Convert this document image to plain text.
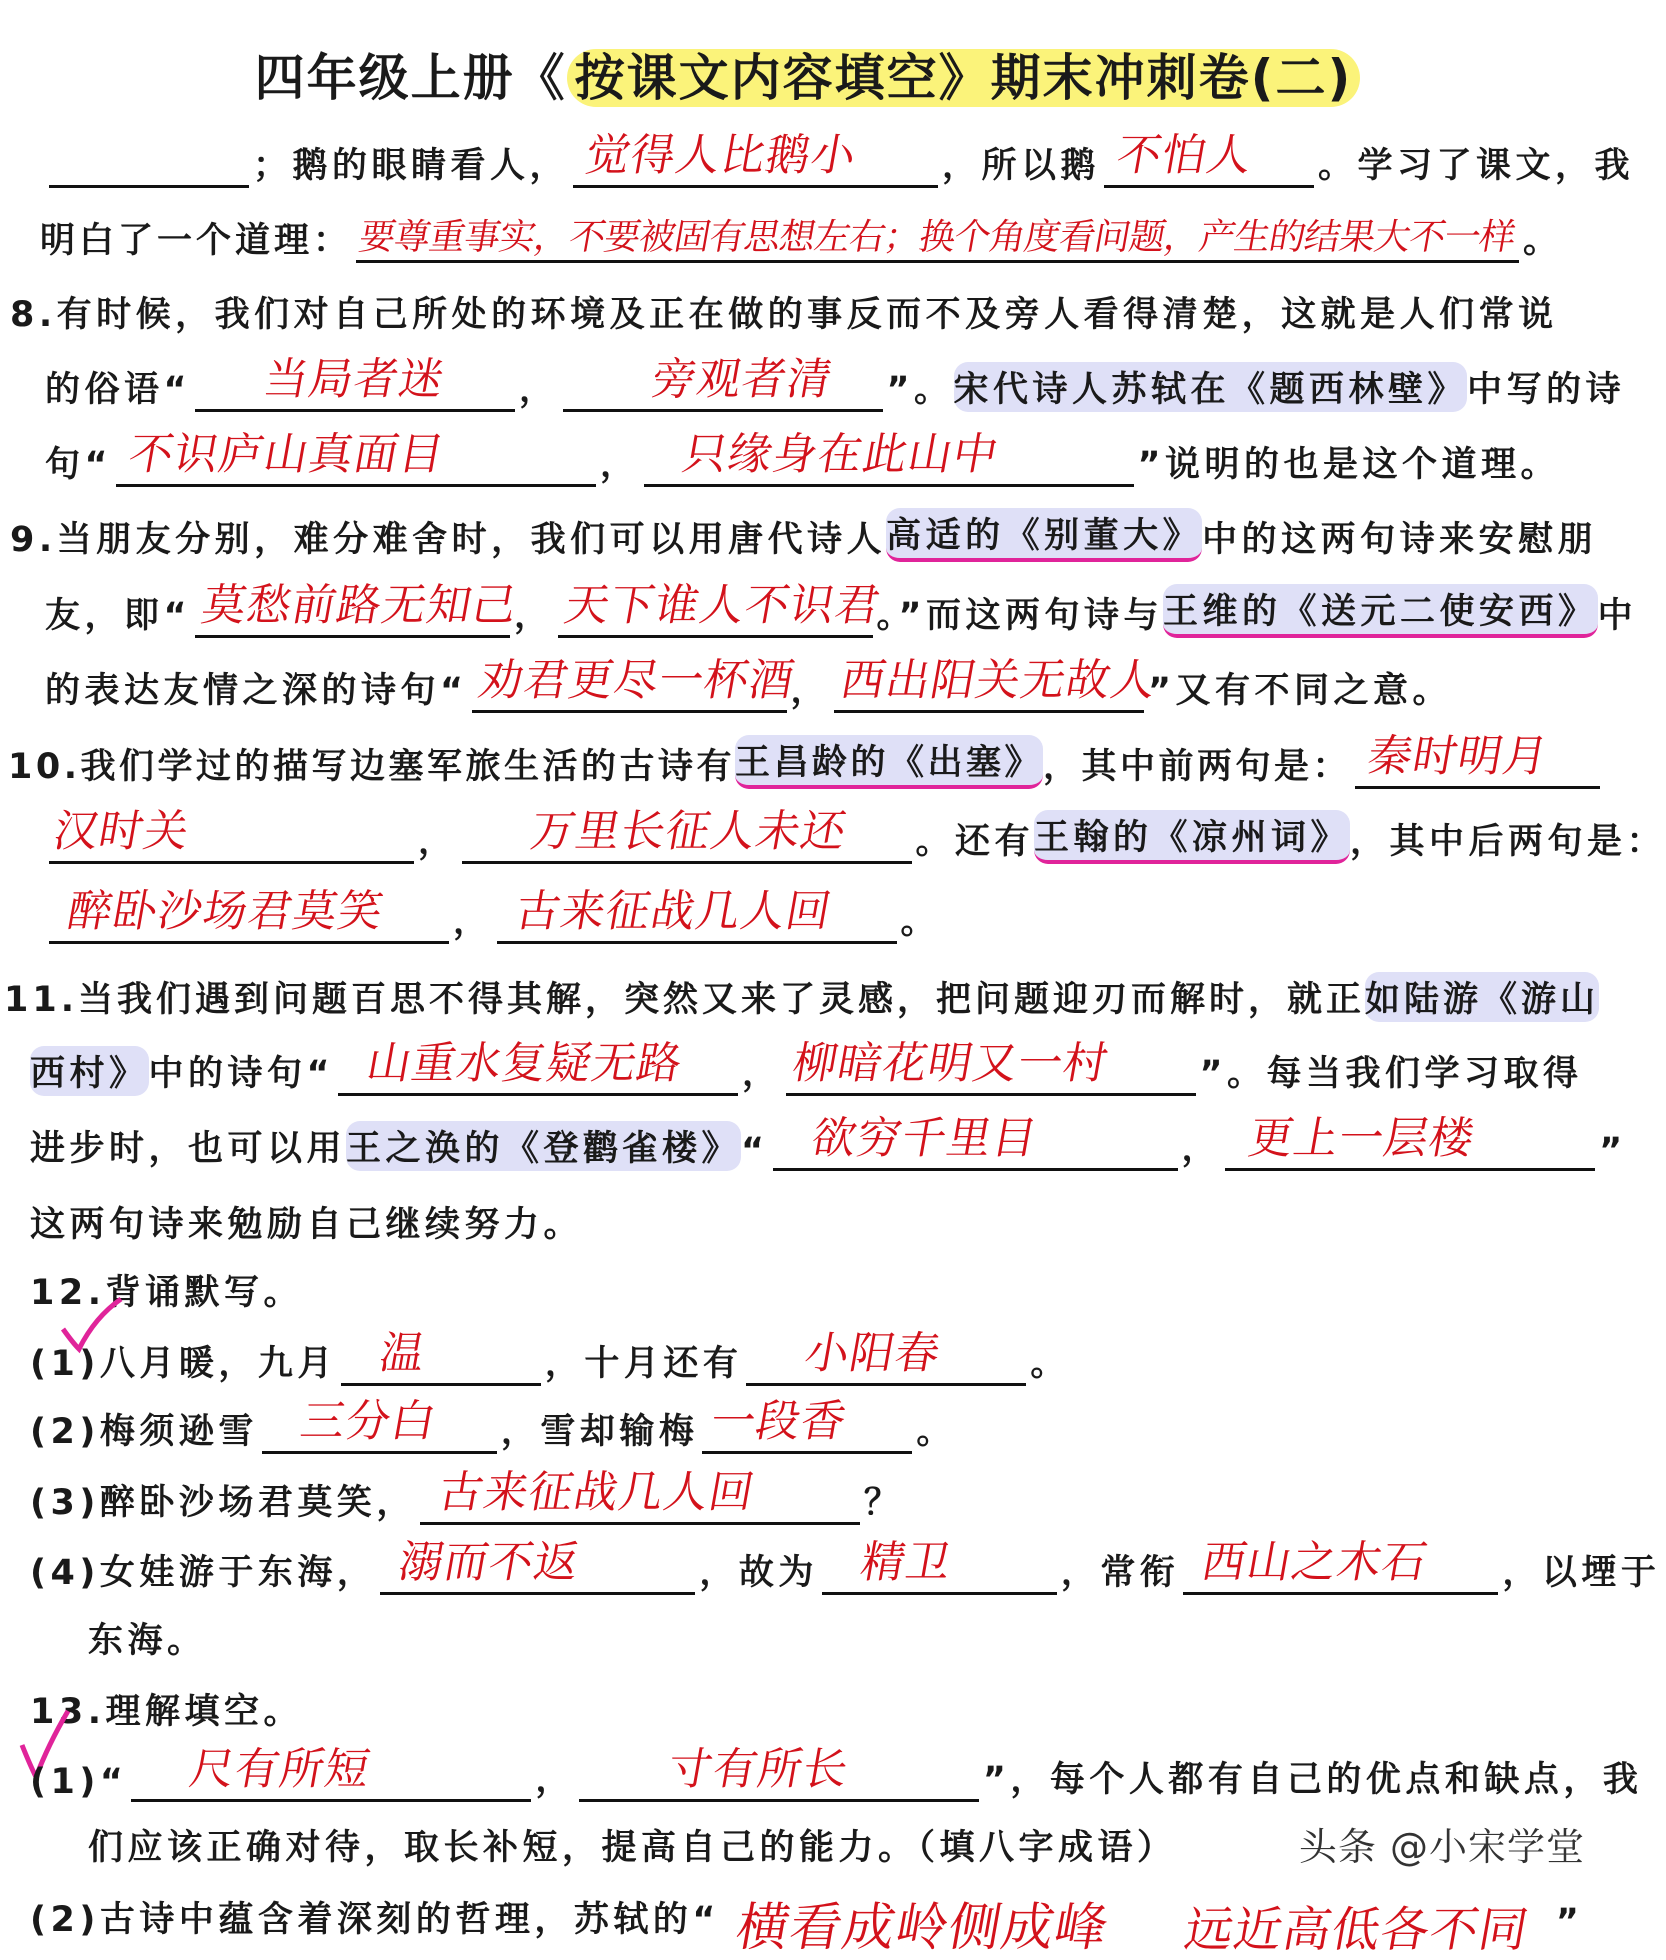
四年级上册《 按课文内容填空》期末冲刺卷(二)
；鹅的眼睛看人， 觉得人比鹅小 ，所以鹅 不怕人 。学习了课文，我
明白了一个道理： 要尊重事实，不要被固有思想左右；换个角度看问题，产生的结果大不一样 。
8.有时候，我们对自己所处的环境及正在做的事反而不及旁人看得清楚，这就是人们常说
的俗语“ 当局者迷 ， 旁观者清 ”。 宋代诗人苏轼在《题西林壁》 中写的诗
句“ 不识庐山真面目	， 只缘身在此山中	”说明的也是这个道理。
9.当朋友分别，难分难舍时，我们可以用唐代诗人 高适的《别董大》 中的这两句诗来安慰朋
友，即“ 莫愁前路无知己
， 天下谁人不识君
。”而这两句诗与 王维的《送元二使安西》 中
的表达友情之深的诗句“ 劝君更尽一杯酒
， 西出阳关无故人
”又有不同之意。
10.我们学过的描写边塞军旅生活的古诗有 王昌龄的《出塞》 ，其中前两句是： 秦时明月
汉时关	， 万里长征人未还 。还有 王翰的《凉州词》 ，其中后两句是：
醉卧沙场君莫笑 ， 古来征战几人回 。
11.当我们遇到问题百思不得其解，突然又来了灵感，把问题迎刃而解时，就正 如陆游《游山
西村》 中的诗句“ 山重水复疑无路 ， 柳暗花明又一村 ”。每当我们学习取得
进步时，也可以用 王之涣的《登鹳雀楼》 “ 欲穷千里目	， 更上一层楼	”
这两句诗来勉励自己继续努力。
12.背诵默写。
(1)八月暖，九月 温	，十月还有 小阳春 。
(2)梅须逊雪 三分白 ，雪却输梅 一段香 。
(3)醉卧沙场君莫笑， 古来征战几人回	？
(4)女娃游于东海， 溺而不返	，故为 精卫	，常衔 西山之木石 ，以堙于
东海。
13.理解填空。
(1)“ 尺有所短	， 寸有所长	”，每个人都有自己的优点和缺点，我
们应该正确对待，取长补短，提高自己的能力。（填八字成语）
(2)古诗中蕴含着深刻的哲理，苏轼的“ 横看成岭侧成峰 远近高低各不同 ”
头条 @小宋学堂
